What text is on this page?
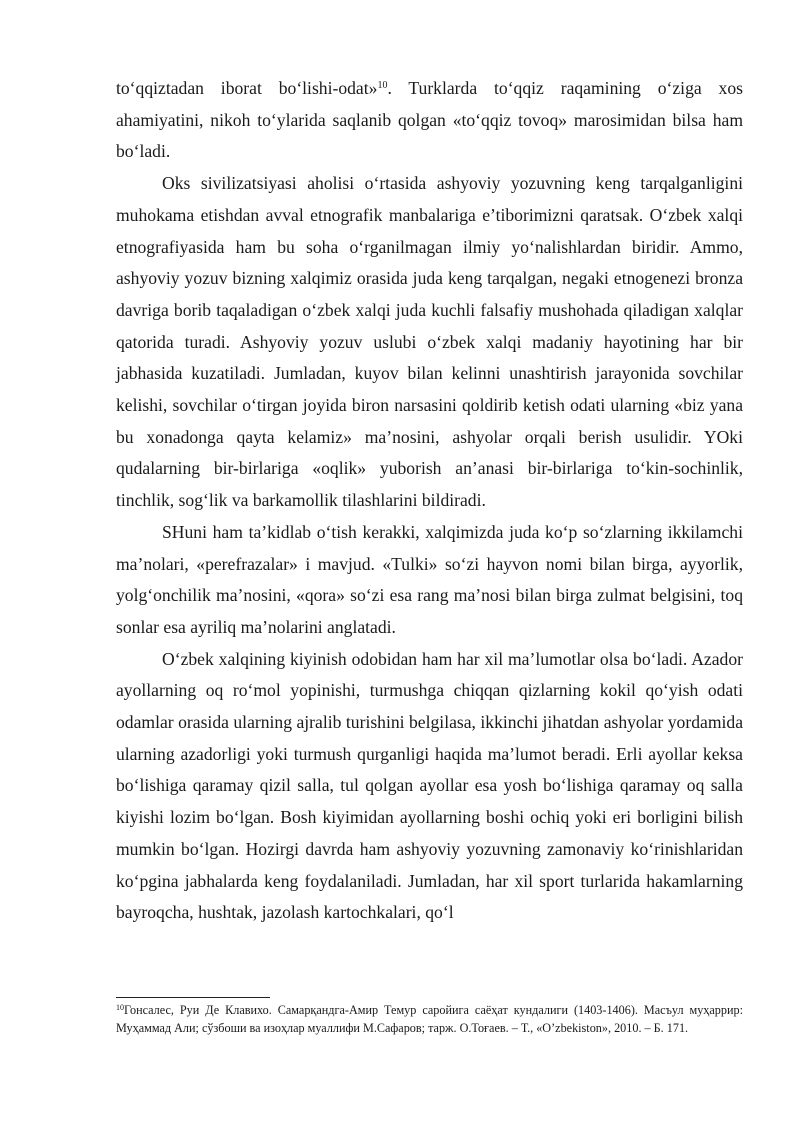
to‘qqiztadan iborat bo‘lishi-odat»$^{10}$. Turklarda to‘qqiz raqamining o‘ziga xos ahamiyatini, nikoh to‘ylarida saqlanib qolgan «to‘qqiz tovoq» marosimidan bilsa ham bo‘ladi.

Oks sivilizatsiyasi aholisi o‘rtasida ashyoviy yozuvning keng tarqalganligini muhokama etishdan avval etnografik manbalariga e’tiborimizni qaratsak. O‘zbek xalqi etnografiyasida ham bu soha o‘rganilmagan ilmiy yo‘nalishlardan biridir. Ammo, ashyoviy yozuv bizning xalqimiz orasida juda keng tarqalgan, negaki etnogenezi bronza davriga borib taqaladigan o‘zbek xalqi juda kuchli falsafiy mushohada qiladigan xalqlar qatorida turadi. Ashyoviy yozuv uslubi o‘zbek xalqi madaniy hayotining har bir jabhasida kuzatiladi. Jumladan, kuyov bilan kelinni unashtirish jarayonida sovchilar kelishi, sovchilar o‘tirgan joyida biron narsasini qoldirib ketish odati ularning «biz yana bu xonadonga qayta kelamiz» ma’nosini, ashyolar orqali berish usulidir. YOki qudalarning bir-birlariga «oqlik» yuborish an’anasi bir-birlariga to‘kin-sochinlik, tinchlik, sog‘lik va barkamollik tilashlarini bildiradi.

SHuni ham ta’kidlab o‘tish kerakki, xalqimizda juda ko‘p so‘zlarning ikkilamchi ma’nolari, «perefrazalar» i mavjud. «Tulki» so‘zi hayvon nomi bilan birga, ayyorlik, yolg‘onchilik ma’nosini, «qora» so‘zi esa rang ma’nosi bilan birga zulmat belgisini, toq sonlar esa ayriliq ma’nolarini anglatadi.

O‘zbek xalqining kiyinish odobidan ham har xil ma’lumotlar olsa bo‘ladi. Azador ayollarning oq ro‘mol yopinishi, turmushga chiqqan qizlarning kokil qo‘yish odati odamlar orasida ularning ajralib turishini belgilasa, ikkinchi jihatdan ashyolar yordamida ularning azadorligi yoki turmush qurganligi haqida ma’lumot beradi. Erli ayollar keksa bo‘lishiga qaramay qizil salla, tul qolgan ayollar esa yosh bo‘lishiga qaramay oq salla kiyishi lozim bo‘lgan. Bosh kiyimidan ayollarning boshi ochiq yoki eri borligini bilish mumkin bo‘lgan. Hozirgi davrda ham ashyoviy yozuvning zamonaviy ko‘rinishlaridan ko‘pgina jabhalarda keng foydalaniladi. Jumladan, har xil sport turlarida hakamlarning bayroqcha, hushtak, jazolash kartochkalari, qo‘l

$^{10}$Гонсалес, Руи Де Клавихо. Самарқандга-Амир Темур саройига саёҳат кундалиги (1403-1406). Масъул муҳаррир: Муҳаммад Али; сўзбоши ва изоҳлар муаллифи М.Сафаров; тарж. О.Тоғаев. – Т., «O’zbekiston», 2010. – Б. 171.
